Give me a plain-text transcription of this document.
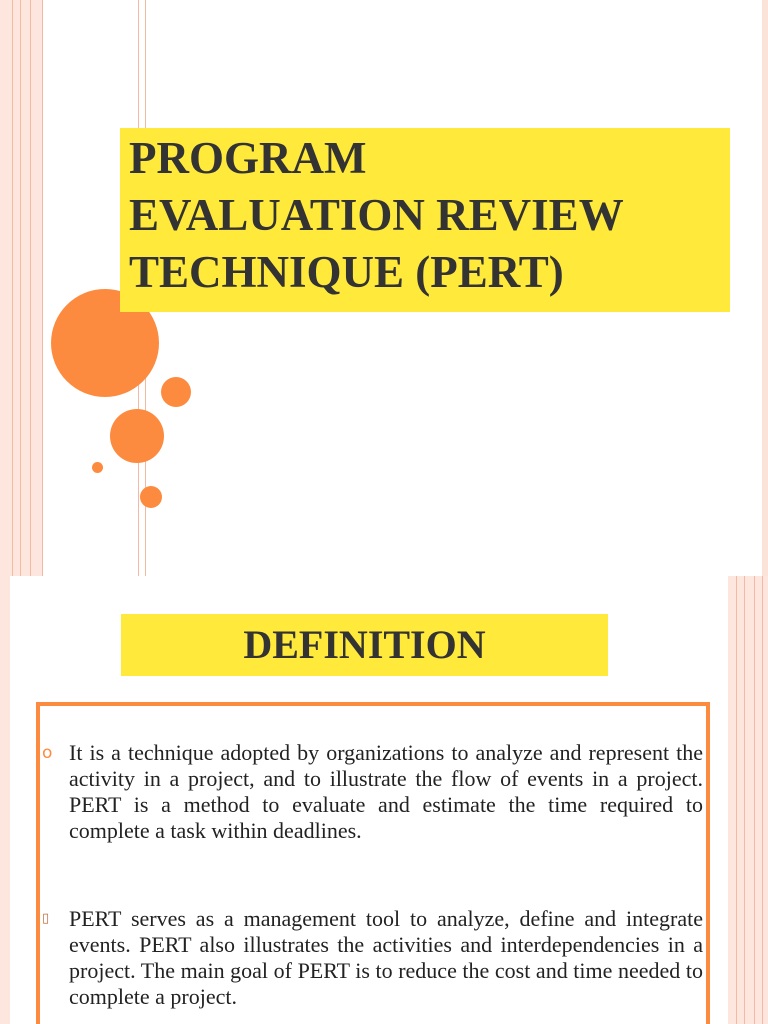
PROGRAM
EVALUATION REVIEW
TECHNIQUE (PERT)
DEFINITION
o It is a technique adopted by organizations to analyze and represent the activity in a project, and to illustrate the flow of events in a project. PERT is a method to evaluate and estimate the time required to complete a task within deadlines.

▯ PERT serves as a management tool to analyze, define and integrate events. PERT also illustrates the activities and interdependencies in a project. The main goal of PERT is to reduce the cost and time needed to complete a project.
